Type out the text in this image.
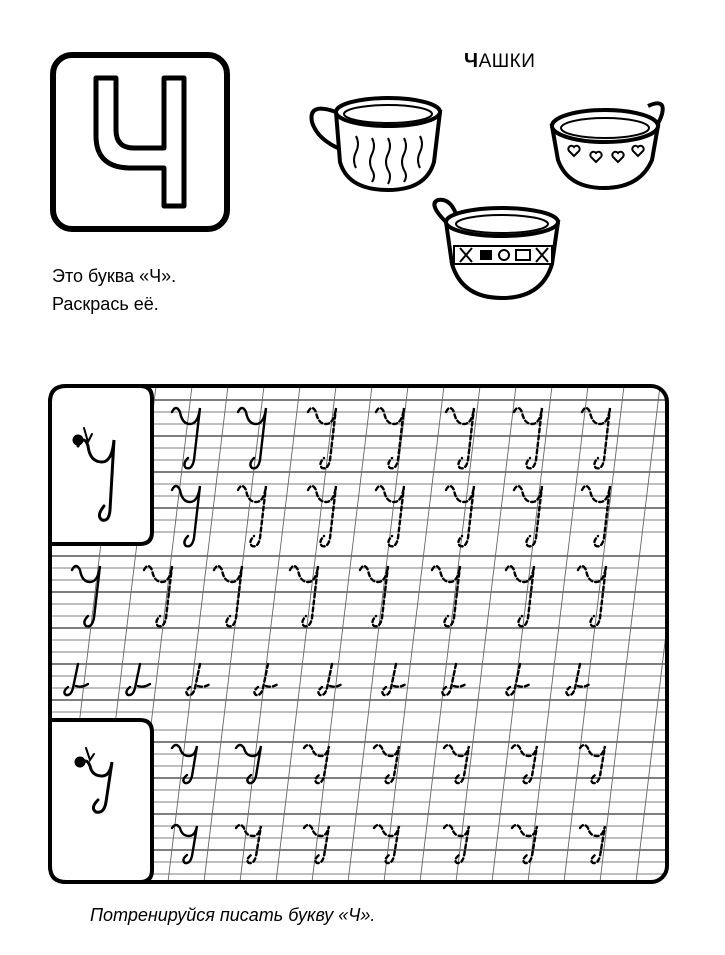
ЧАШКИ
Это буква «Ч».
Раскрась её.
Потренируйся писать букву «Ч».
